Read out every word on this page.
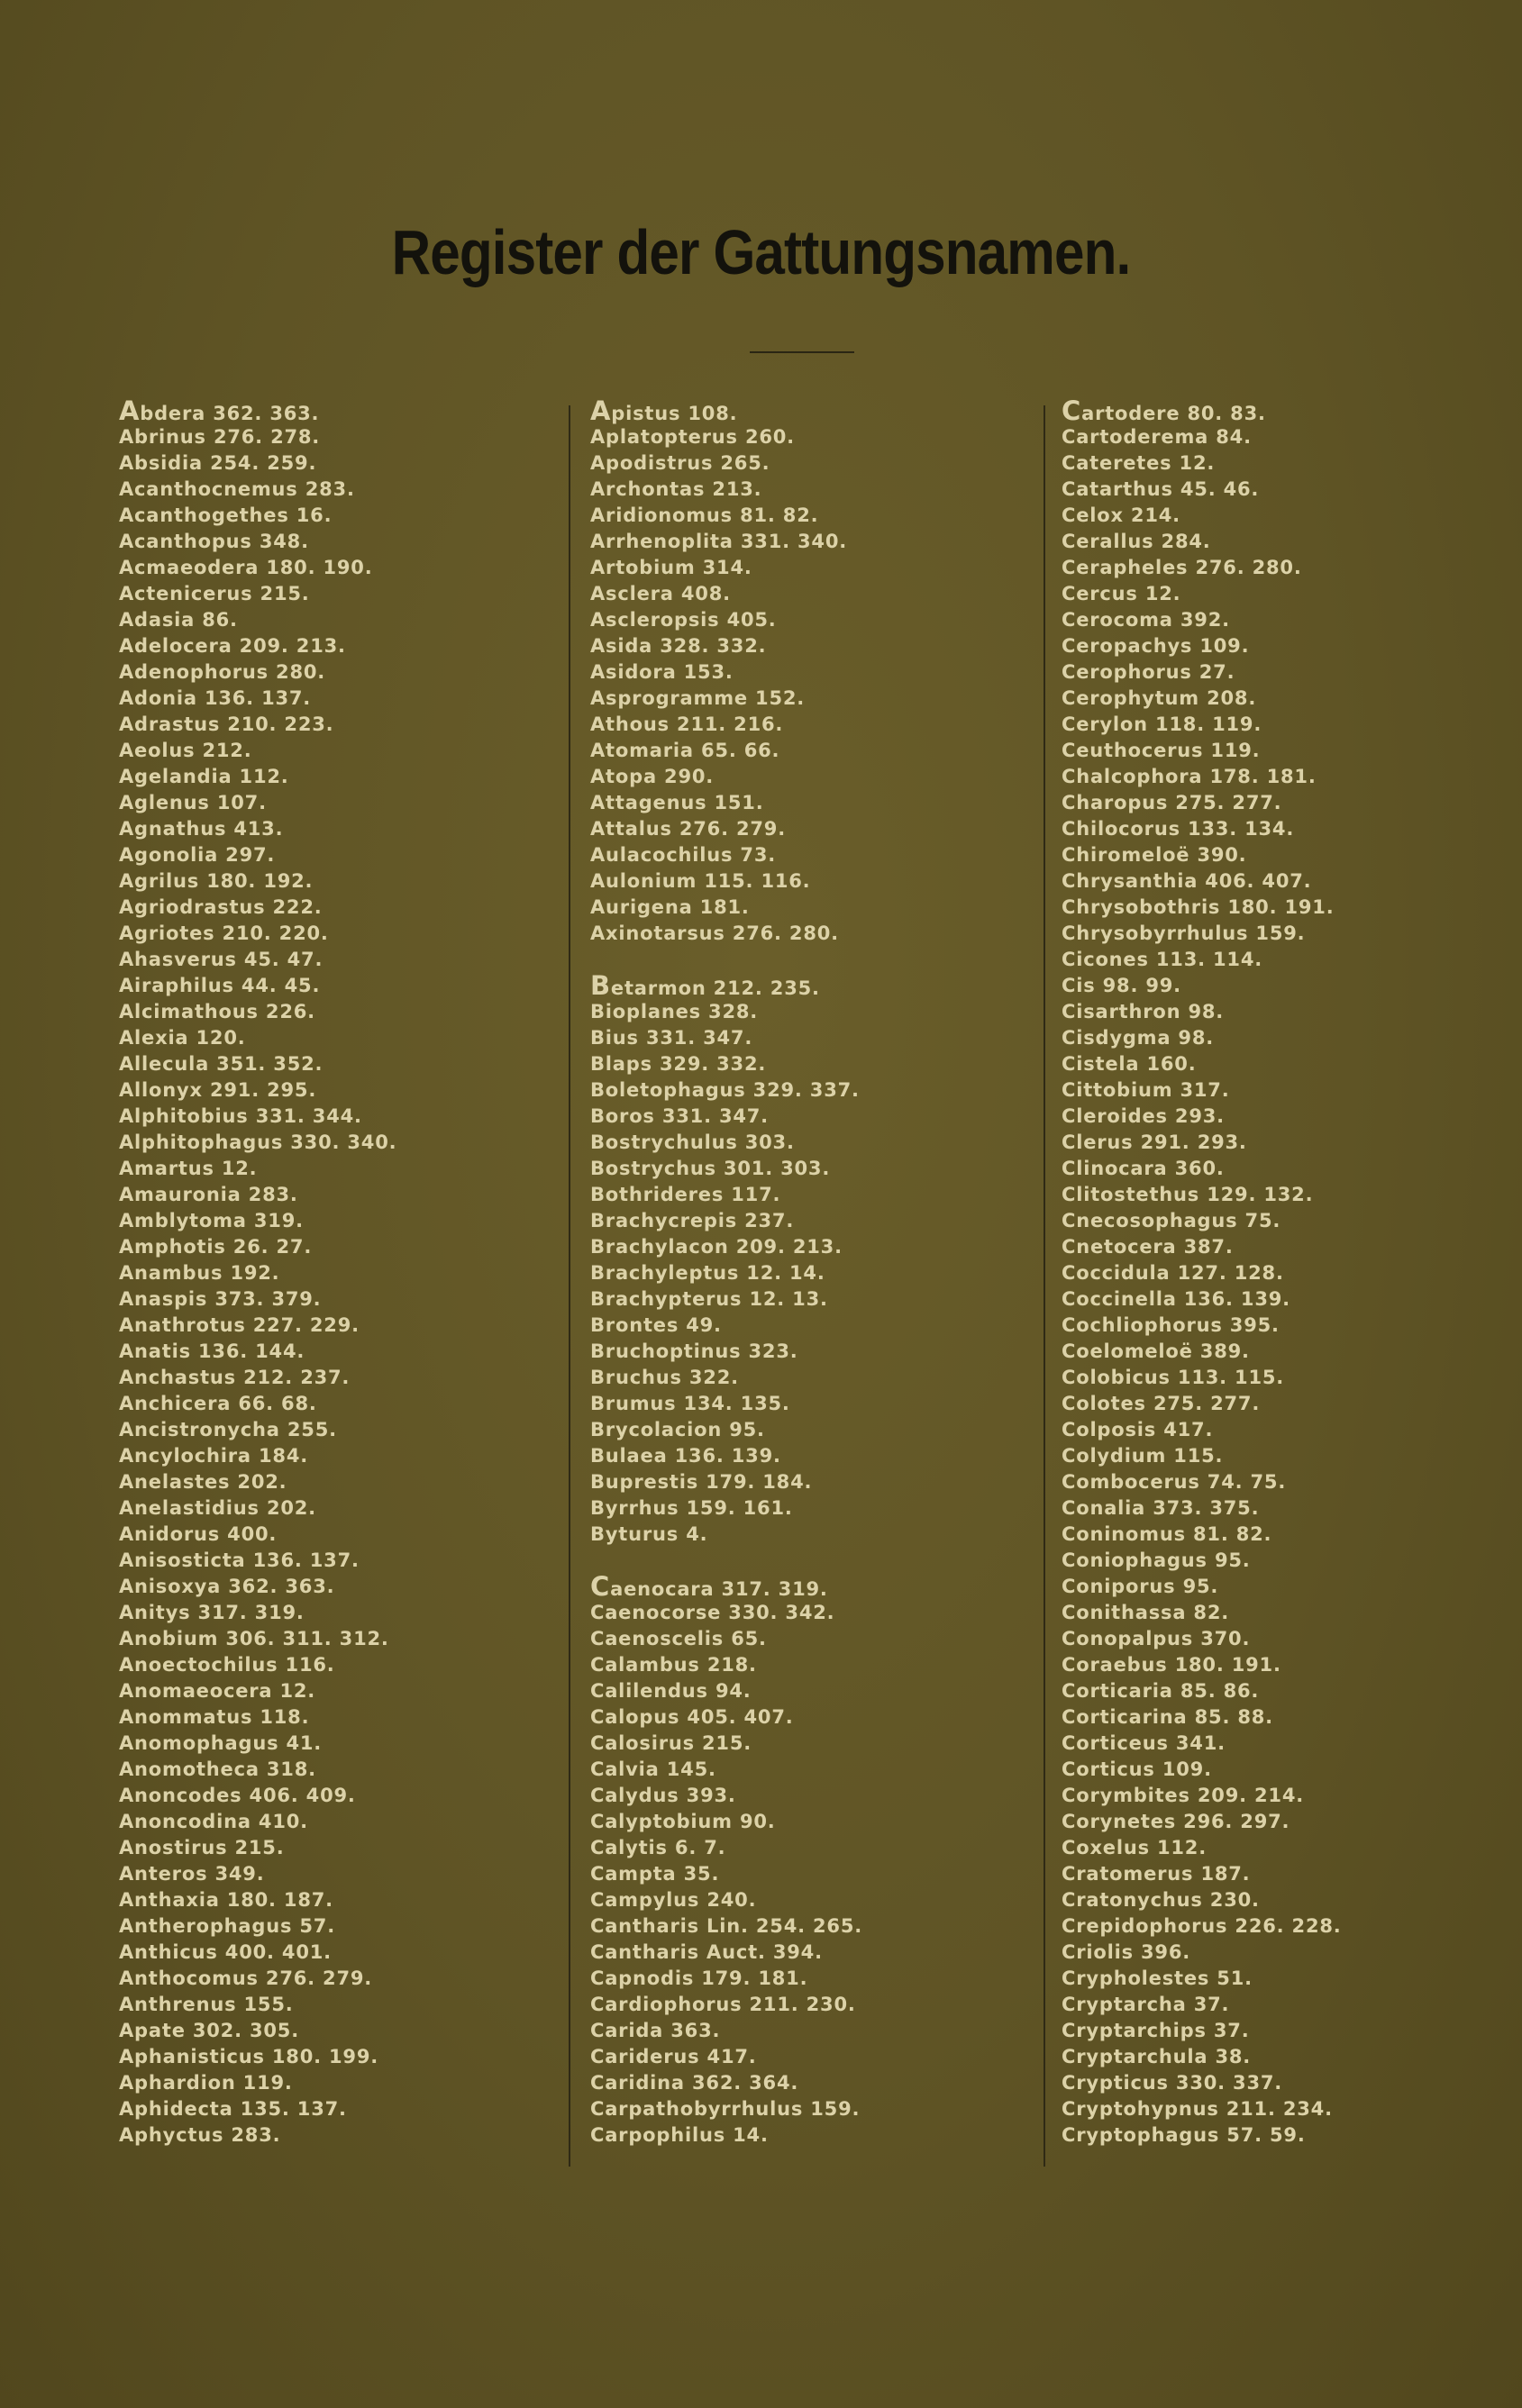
Register der Gattungsnamen.
Abdera 362. 363.
Abrinus 276. 278.
Absidia 254. 259.
Acanthocnemus 283.
Acanthogethes 16.
Acanthopus 348.
Acmaeodera 180. 190.
Actenicerus 215.
Adasia 86.
Adelocera 209. 213.
Adenophorus 280.
Adonia 136. 137.
Adrastus 210. 223.
Aeolus 212.
Agelandia 112.
Aglenus 107.
Agnathus 413.
Agonolia 297.
Agrilus 180. 192.
Agriodrastus 222.
Agriotes 210. 220.
Ahasverus 45. 47.
Airaphilus 44. 45.
Alcimathous 226.
Alexia 120.
Allecula 351. 352.
Allonyx 291. 295.
Alphitobius 331. 344.
Alphitophagus 330. 340.
Amartus 12.
Amauronia 283.
Amblytoma 319.
Amphotis 26. 27.
Anambus 192.
Anaspis 373. 379.
Anathrotus 227. 229.
Anatis 136. 144.
Anchastus 212. 237.
Anchicera 66. 68.
Ancistronycha 255.
Ancylochira 184.
Anelastes 202.
Anelastidius 202.
Anidorus 400.
Anisosticta 136. 137.
Anisoxya 362. 363.
Anitys 317. 319.
Anobium 306. 311. 312.
Anoectochilus 116.
Anomaeocera 12.
Anommatus 118.
Anomophagus 41.
Anomotheca 318.
Anoncodes 406. 409.
Anoncodina 410.
Anostirus 215.
Anteros 349.
Anthaxia 180. 187.
Antherophagus 57.
Anthicus 400. 401.
Anthocomus 276. 279.
Anthrenus 155.
Apate 302. 305.
Aphanisticus 180. 199.
Aphardion 119.
Aphidecta 135. 137.
Aphyctus 283.
Apistus 108.
Aplatopterus 260.
Apodistrus 265.
Archontas 213.
Aridionomus 81. 82.
Arrhenoplita 331. 340.
Artobium 314.
Asclera 408.
Ascleropsis 405.
Asida 328. 332.
Asidora 153.
Asprogramme 152.
Athous 211. 216.
Atomaria 65. 66.
Atopa 290.
Attagenus 151.
Attalus 276. 279.
Aulacochilus 73.
Aulonium 115. 116.
Aurigena 181.
Axinotarsus 276. 280.
Betarmon 212. 235.
Bioplanes 328.
Bius 331. 347.
Blaps 329. 332.
Boletophagus 329. 337.
Boros 331. 347.
Bostrychulus 303.
Bostrychus 301. 303.
Bothrideres 117.
Brachycrepis 237.
Brachylacon 209. 213.
Brachyleptus 12. 14.
Brachypterus 12. 13.
Brontes 49.
Bruchoptinus 323.
Bruchus 322.
Brumus 134. 135.
Brycolacion 95.
Bulaea 136. 139.
Buprestis 179. 184.
Byrrhus 159. 161.
Byturus 4.
Caenocara 317. 319.
Caenocorse 330. 342.
Caenoscelis 65.
Calambus 218.
Calilendus 94.
Calopus 405. 407.
Calosirus 215.
Calvia 145.
Calydus 393.
Calyptobium 90.
Calytis 6. 7.
Campta 35.
Campylus 240.
Cantharis Lin. 254. 265.
Cantharis Auct. 394.
Capnodis 179. 181.
Cardiophorus 211. 230.
Carida 363.
Cariderus 417.
Caridina 362. 364.
Carpathobyrrhulus 159.
Carpophilus 14.
Cartodere 80. 83.
Cartoderema 84.
Cateretes 12.
Catarthus 45. 46.
Celox 214.
Cerallus 284.
Cerapheles 276. 280.
Cercus 12.
Cerocoma 392.
Ceropachys 109.
Cerophorus 27.
Cerophytum 208.
Cerylon 118. 119.
Ceuthocerus 119.
Chalcophora 178. 181.
Charopus 275. 277.
Chilocorus 133. 134.
Chiromeloë 390.
Chrysanthia 406. 407.
Chrysobothris 180. 191.
Chrysobyrrhulus 159.
Cicones 113. 114.
Cis 98. 99.
Cisarthron 98.
Cisdygma 98.
Cistela 160.
Cittobium 317.
Cleroides 293.
Clerus 291. 293.
Clinocara 360.
Clitostethus 129. 132.
Cnecosophagus 75.
Cnetocera 387.
Coccidula 127. 128.
Coccinella 136. 139.
Cochliophorus 395.
Coelomeloë 389.
Colobicus 113. 115.
Colotes 275. 277.
Colposis 417.
Colydium 115.
Combocerus 74. 75.
Conalia 373. 375.
Coninomus 81. 82.
Coniophagus 95.
Coniporus 95.
Conithassa 82.
Conopalpus 370.
Coraebus 180. 191.
Corticaria 85. 86.
Corticarina 85. 88.
Corticeus 341.
Corticus 109.
Corymbites 209. 214.
Corynetes 296. 297.
Coxelus 112.
Cratomerus 187.
Cratonychus 230.
Crepidophorus 226. 228.
Criolis 396.
Crypholestes 51.
Cryptarcha 37.
Cryptarchips 37.
Cryptarchula 38.
Crypticus 330. 337.
Cryptohypnus 211. 234.
Cryptophagus 57. 59.
